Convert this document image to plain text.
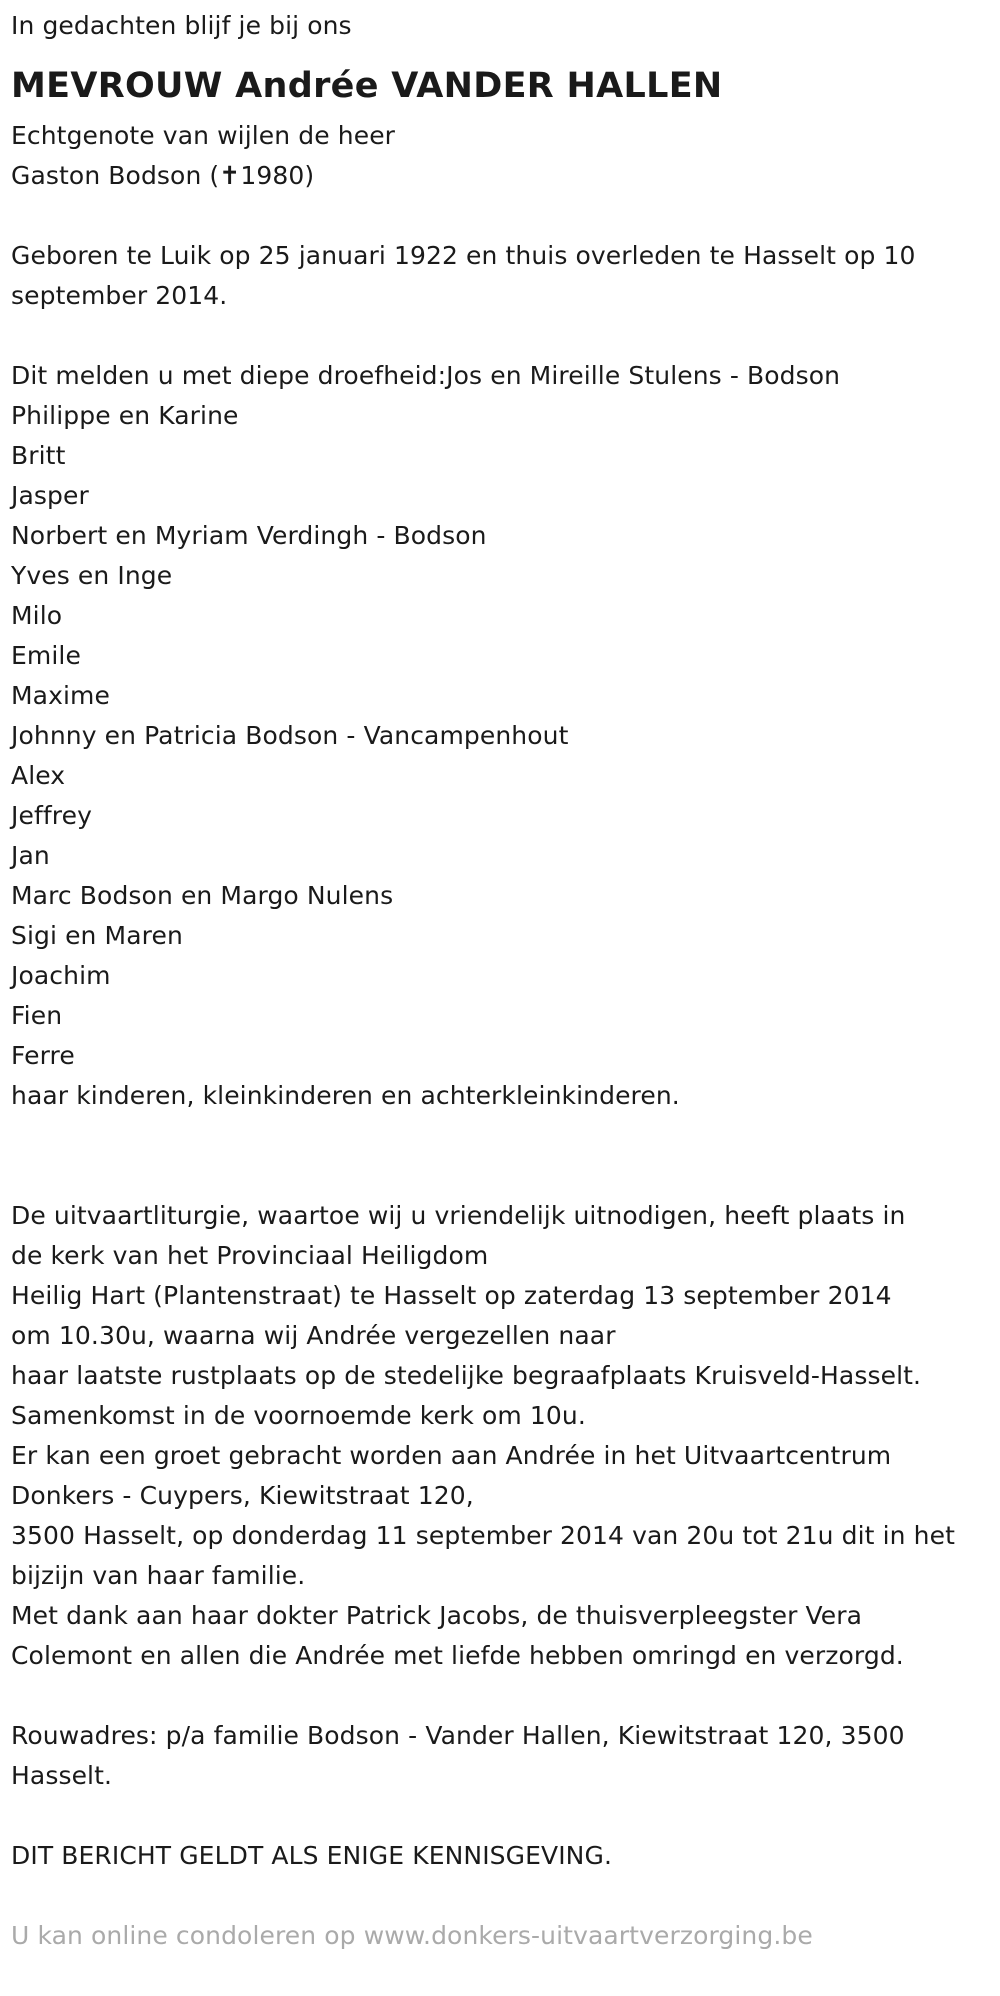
In gedachten blijf je bij ons
MEVROUW Andrée VANDER HALLEN
Echtgenote van wijlen de heer
Gaston Bodson (✝1980)
Geboren te Luik op 25 januari 1922 en thuis overleden te Hasselt op 10
september 2014.
Dit melden u met diepe droefheid:Jos en Mireille Stulens - Bodson
Philippe en Karine
Britt
Jasper
Norbert en Myriam Verdingh - Bodson
Yves en Inge
Milo
Emile
Maxime
Johnny en Patricia Bodson - Vancampenhout
Alex
Jeffrey
Jan
Marc Bodson en Margo Nulens
Sigi en Maren
Joachim
Fien
Ferre
haar kinderen, kleinkinderen en achterkleinkinderen.
De uitvaartliturgie, waartoe wij u vriendelijk uitnodigen, heeft plaats in
de kerk van het Provinciaal Heiligdom
Heilig Hart (Plantenstraat) te Hasselt op zaterdag 13 september 2014
om 10.30u, waarna wij Andrée vergezellen naar
haar laatste rustplaats op de stedelijke begraafplaats Kruisveld-Hasselt.
Samenkomst in de voornoemde kerk om 10u.
Er kan een groet gebracht worden aan Andrée in het Uitvaartcentrum
Donkers - Cuypers, Kiewitstraat 120,
3500 Hasselt, op donderdag 11 september 2014 van 20u tot 21u dit in het
bijzijn van haar familie.
Met dank aan haar dokter Patrick Jacobs, de thuisverpleegster Vera
Colemont en allen die Andrée met liefde hebben omringd en verzorgd.
Rouwadres: p/a familie Bodson - Vander Hallen, Kiewitstraat 120, 3500
Hasselt.
DIT BERICHT GELDT ALS ENIGE KENNISGEVING.
U kan online condoleren op www.donkers-uitvaartverzorging.be
